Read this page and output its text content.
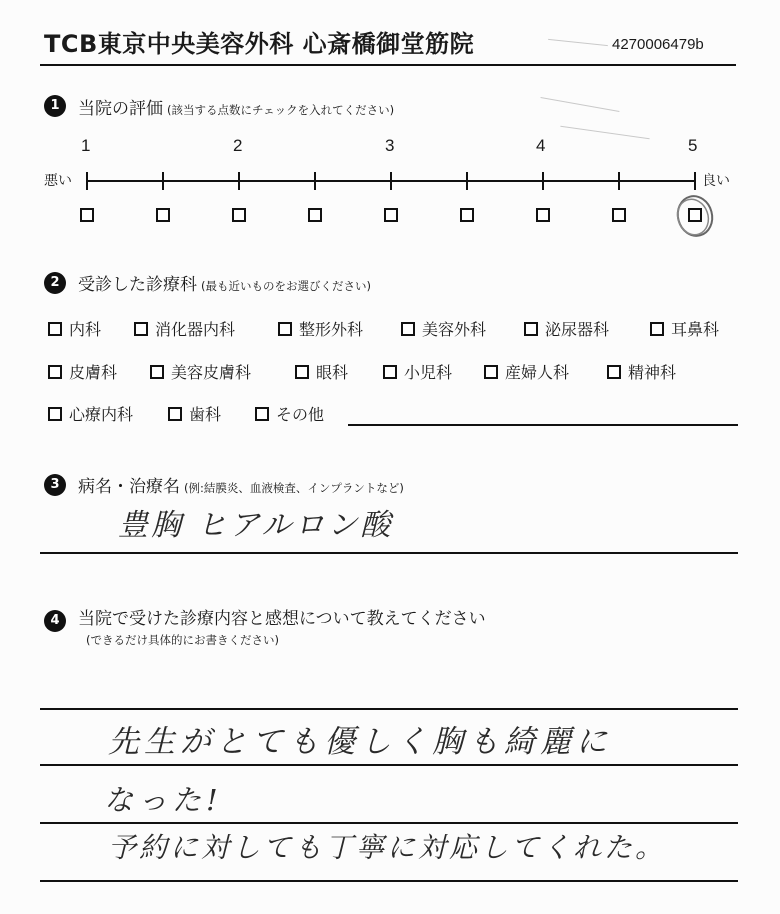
TCB東京中央美容外科 心斎橋御堂筋院	4270006479b
1	当院の評価 (該当する点数にチェックを入れてください)
1	2	3	4	5
悪い	良い
2	受診した診療科 (最も近いものをお選びください)
内科	消化器内科	整形外科	美容外科	泌尿器科	耳鼻科
皮膚科	美容皮膚科	眼科	小児科	産婦人科	精神科
心療内科	歯科	その他
3	病名・治療名 (例:結膜炎、血液検査、インプラントなど)
豊胸 ヒアルロン酸
4	当院で受けた診療内容と感想について教えてください
(できるだけ具体的にお書きください)
先生がとても優しく胸も綺麗に
なった!
予約に対しても丁寧に対応してくれた。
